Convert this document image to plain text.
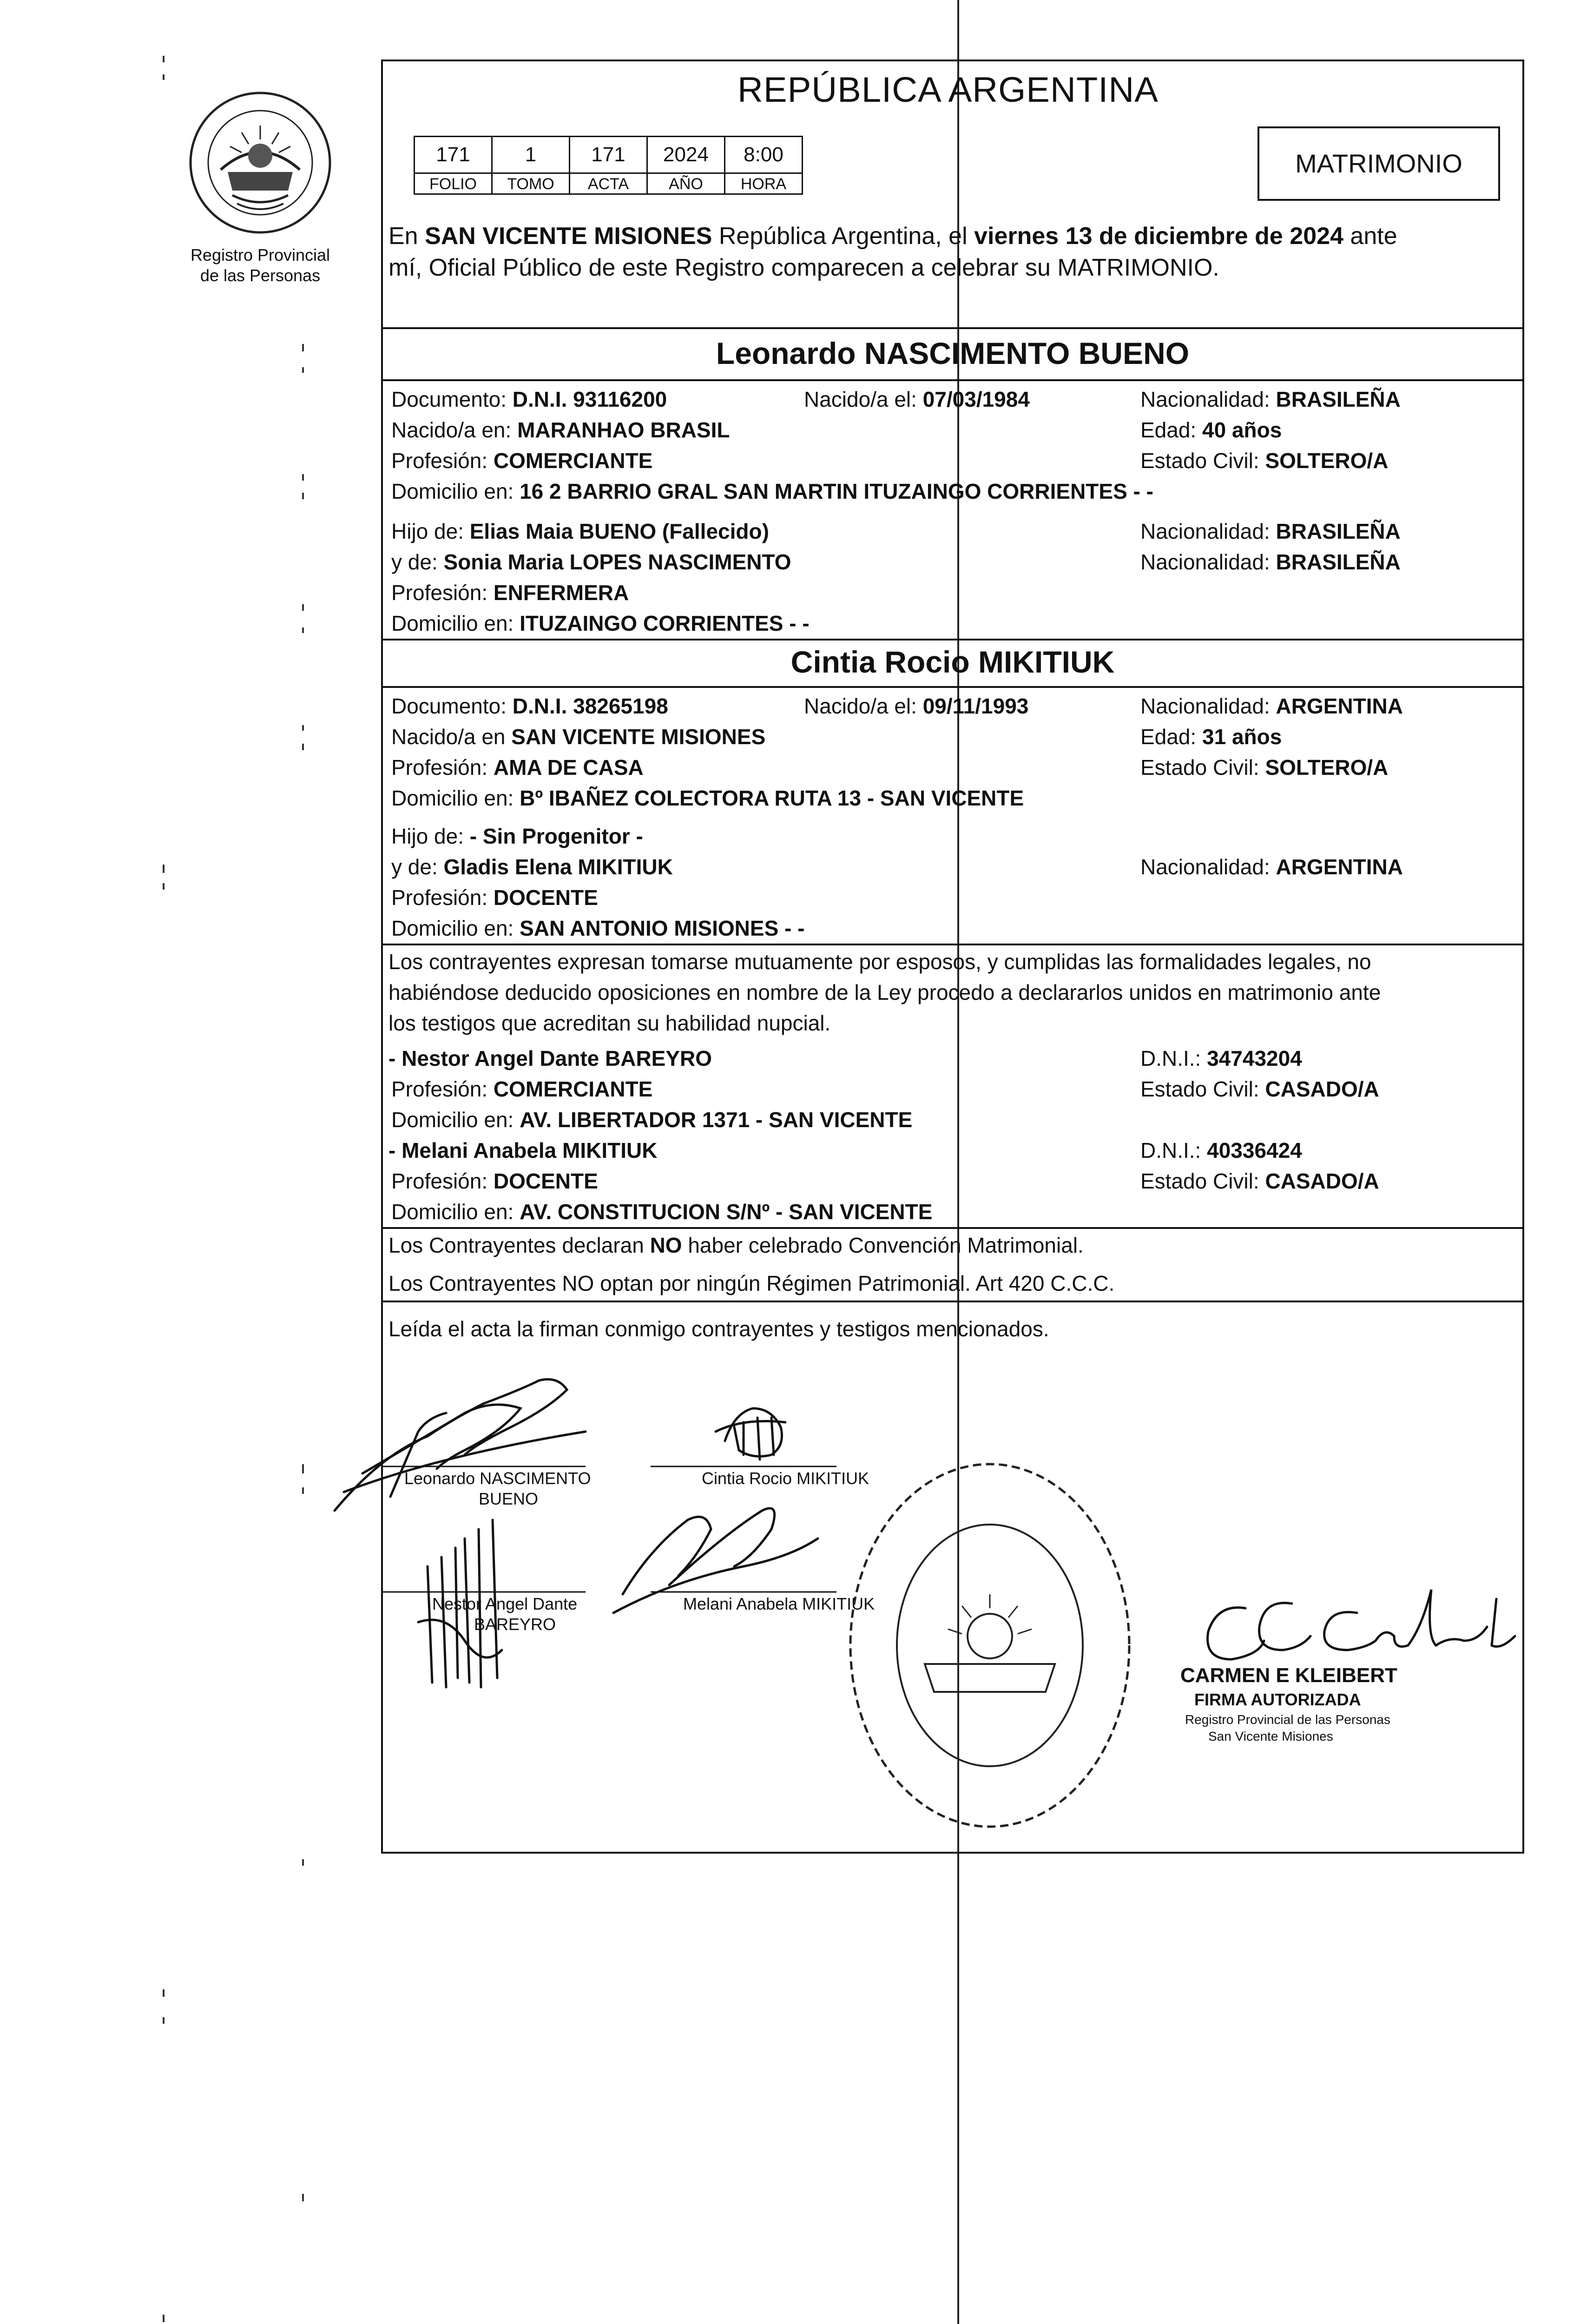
Registro Provincial
de las Personas
REPÚBLICA ARGENTINA
171	1	171	2024	8:00
FOLIO	TOMO	ACTA	AÑO	HORA
MATRIMONIO
En SAN VICENTE MISIONES República Argentina, el viernes 13 de diciembre de 2024 ante
mí, Oficial Público de este Registro comparecen a celebrar su MATRIMONIO.
Leonardo NASCIMENTO BUENO
Documento: D.N.I. 93116200	Nacido/a el: 07/03/1984	Nacionalidad: BRASILEÑA
Nacido/a en: MARANHAO BRASIL	Edad: 40 años
Profesión: COMERCIANTE	Estado Civil: SOLTERO/A
Domicilio en: 16 2 BARRIO GRAL SAN MARTIN ITUZAINGO CORRIENTES - -
Hijo de: Elias Maia BUENO (Fallecido)	Nacionalidad: BRASILEÑA
y de: Sonia Maria LOPES NASCIMENTO	Nacionalidad: BRASILEÑA
Profesión: ENFERMERA
Domicilio en: ITUZAINGO CORRIENTES - -
Cintia Rocio MIKITIUK
Documento: D.N.I. 38265198	Nacido/a el: 09/11/1993	Nacionalidad: ARGENTINA
Nacido/a en SAN VICENTE MISIONES	Edad: 31 años
Profesión: AMA DE CASA	Estado Civil: SOLTERO/A
Domicilio en: Bº IBAÑEZ COLECTORA RUTA 13 - SAN VICENTE
Hijo de: - Sin Progenitor -
y de: Gladis Elena MIKITIUK	Nacionalidad: ARGENTINA
Profesión: DOCENTE
Domicilio en: SAN ANTONIO MISIONES - -
Los contrayentes expresan tomarse mutuamente por esposos, y cumplidas las formalidades legales, no
habiéndose deducido oposiciones en nombre de la Ley procedo a declararlos unidos en matrimonio ante
los testigos que acreditan su habilidad nupcial.
- Nestor Angel Dante BAREYRO	D.N.I.: 34743204
Profesión: COMERCIANTE	Estado Civil: CASADO/A
Domicilio en: AV. LIBERTADOR 1371 - SAN VICENTE
- Melani Anabela MIKITIUK	D.N.I.: 40336424
Profesión: DOCENTE	Estado Civil: CASADO/A
Domicilio en: AV. CONSTITUCION S/Nº - SAN VICENTE
Los Contrayentes declaran NO haber celebrado Convención Matrimonial.
Los Contrayentes NO optan por ningún Régimen Patrimonial. Art 420 C.C.C.
Leída el acta la firman conmigo contrayentes y testigos mencionados.
Leonardo NASCIMENTO
BUENO
Cintia Rocio MIKITIUK
Nestor Angel Dante
BAREYRO
Melani Anabela MIKITIUK
CARMEN E KLEIBERT
FIRMA AUTORIZADA
Registro Provincial de las Personas
San Vicente Misiones
